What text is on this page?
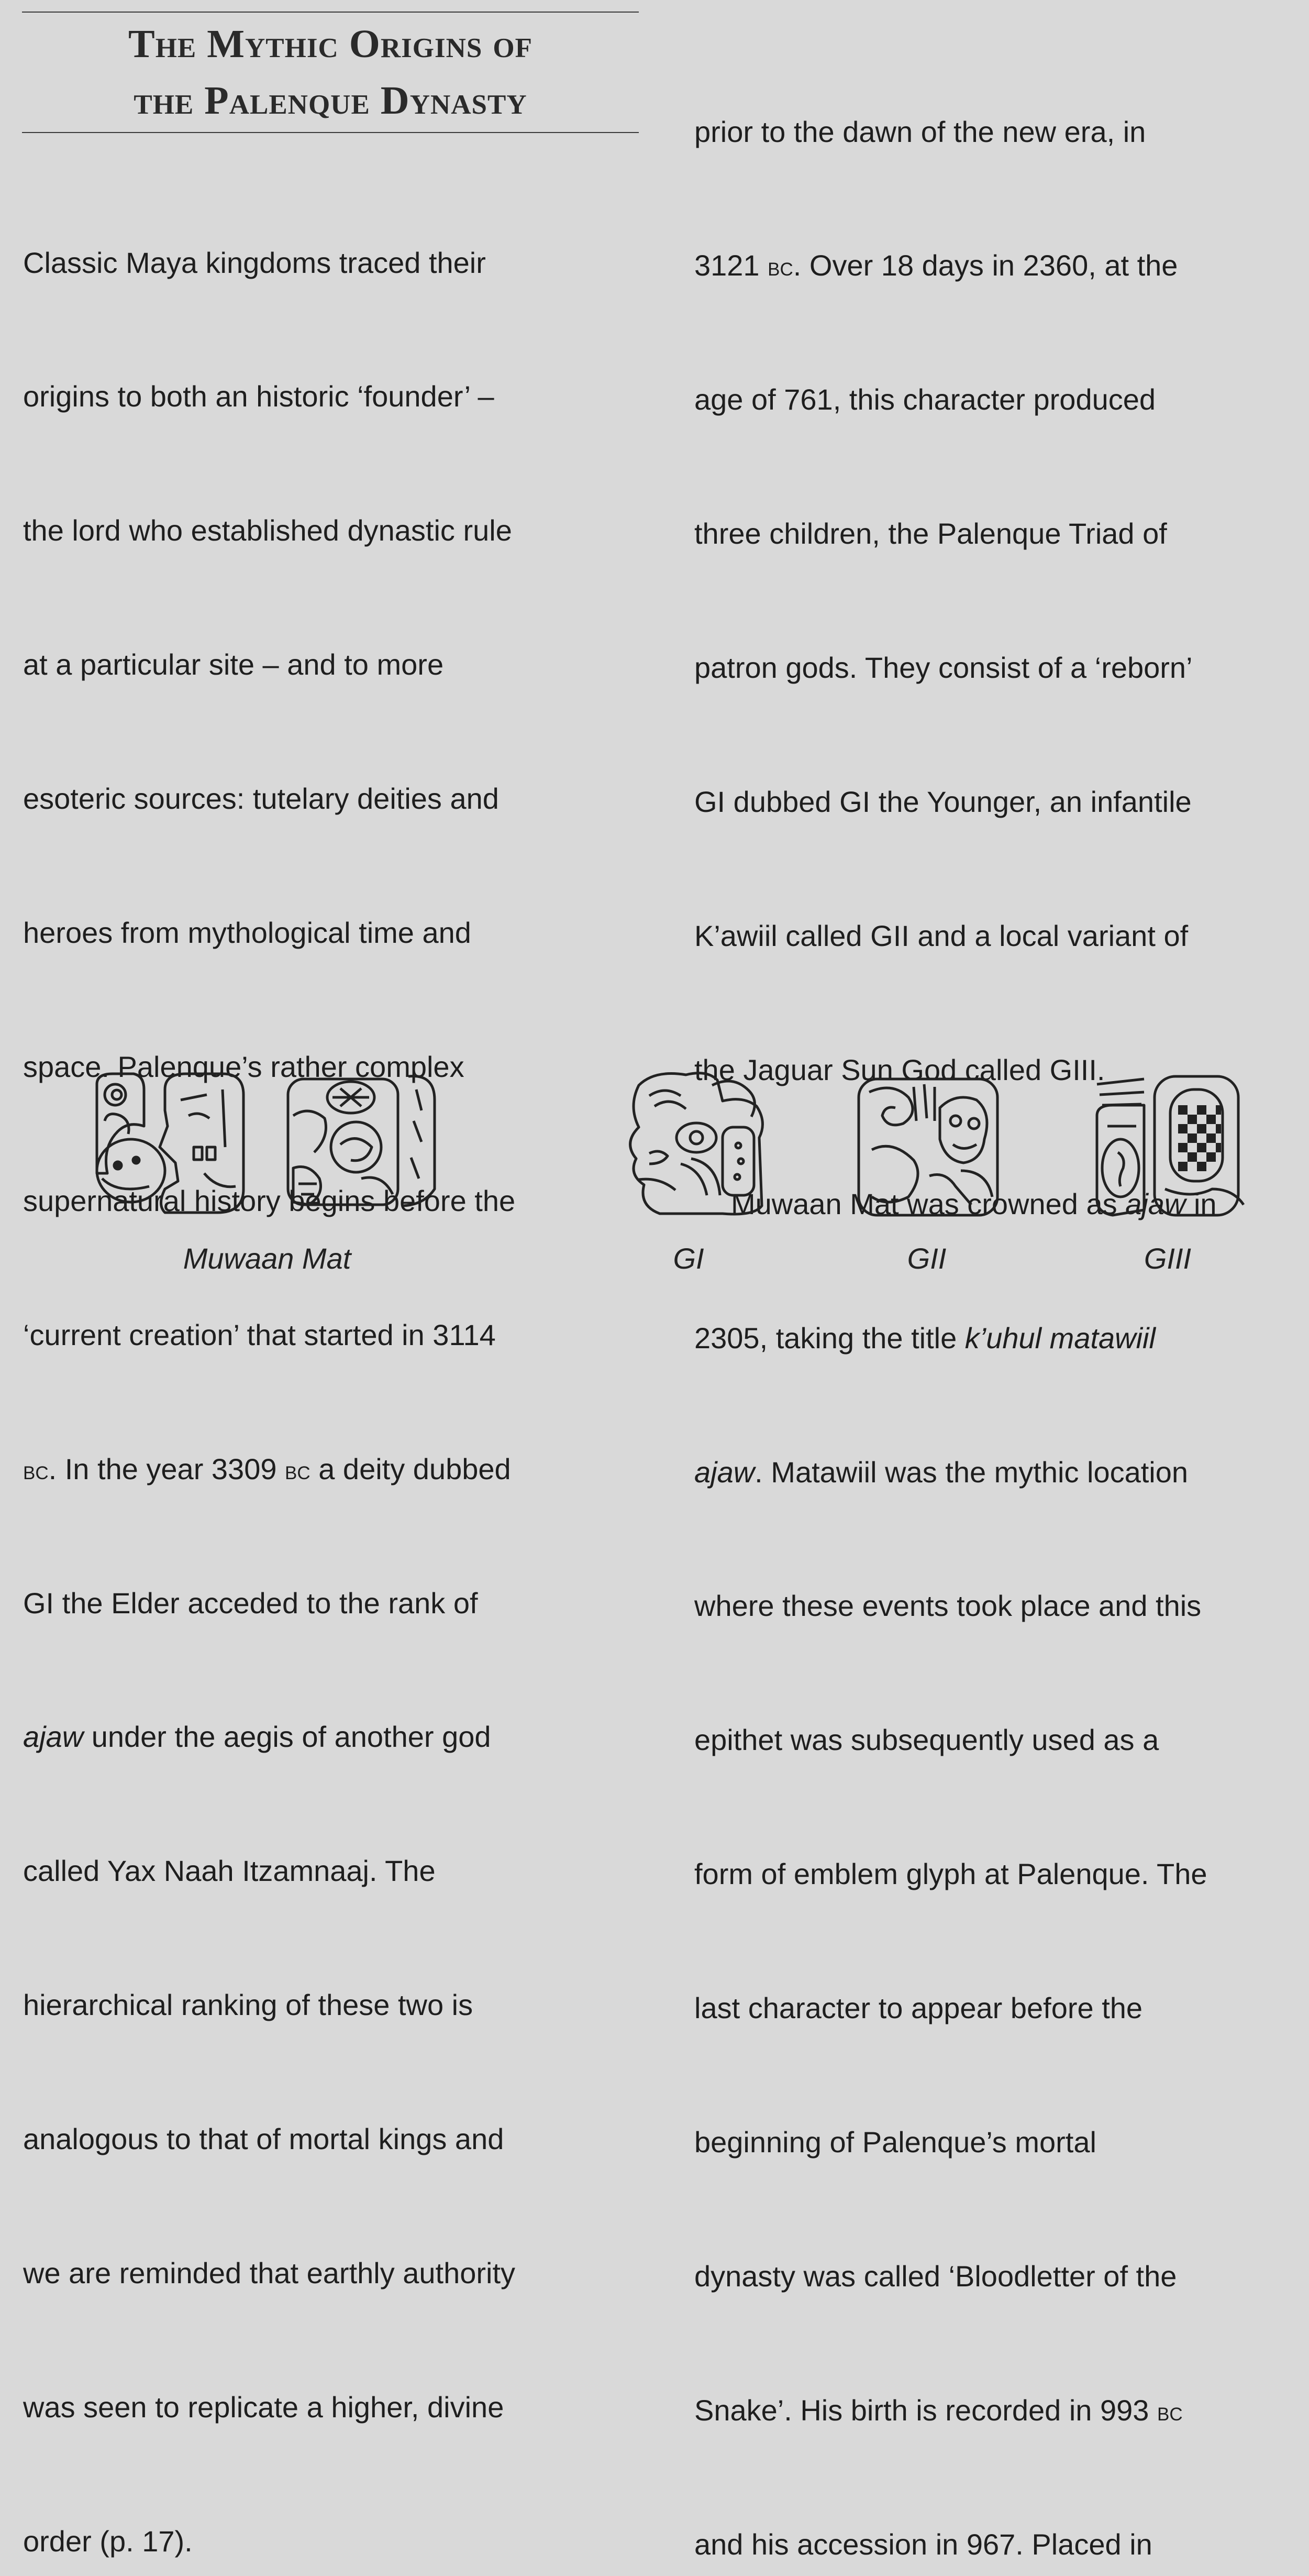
The Mythic Origins of
the Palenque Dynasty

Classic Maya kingdoms traced their

origins to both an historic ‘founder’ –

the lord who established dynastic rule

at a particular site – and to more

esoteric sources: tutelary deities and

heroes from mythological time and

space. Palenque’s rather complex

supernatural history begins before the

‘current creation’ that started in 3114

bc. In the year 3309 bc a deity dubbed

GI the Elder acceded to the rank of

ajaw under the aegis of another god

called Yax Naah Itzamnaaj. The

hierarchical ranking of these two is

analogous to that of mortal kings and

we are reminded that earthly authority

was seen to replicate a higher, divine

order (p. 17).

prior to the dawn of the new era, in

3121 bc. Over 18 days in 2360, at the

age of 761, this character produced

three children, the Palenque Triad of

patron gods. They consist of a ‘reborn’

GI dubbed GI the Younger, an infantile

K’awiil called GII and a local variant of

the Jaguar Sun God called GIII.

Muwaan Mat was crowned as ajaw in

2305, taking the title k’uhul matawiil

ajaw. Matawiil was the mythic location

where these events took place and this

epithet was subsequently used as a

form of emblem glyph at Palenque. The

last character to appear before the

beginning of Palenque’s mortal

dynasty was called ‘Bloodletter of the

Snake’. His birth is recorded in 993 bc

and his accession in 967. Placed in

Muwaan Mat	GI	GII	GIII
